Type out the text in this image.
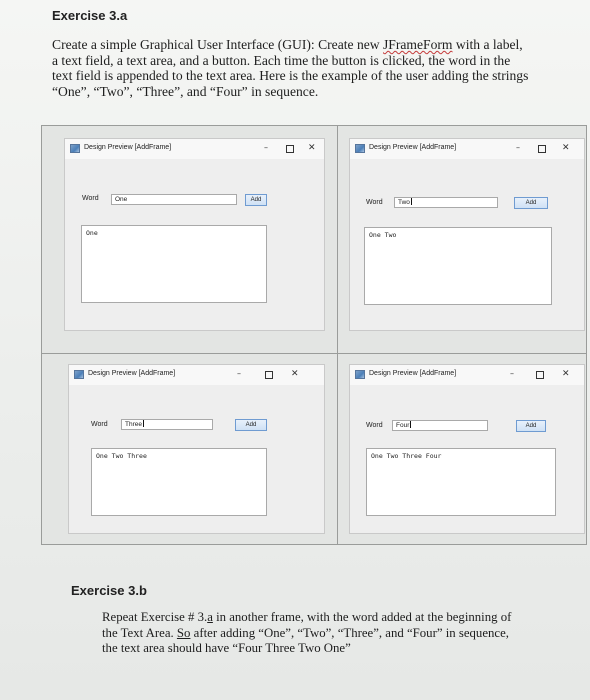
Exercise 3.a
Create a simple Graphical User Interface (GUI): Create new JFrameForm with a label,
a text field, a text area, and a button. Each time the button is clicked, the word in the
text field is appended to the text area. Here is the example of the user adding the strings
“One”, “Two”, “Three”, and “Four” in sequence.
Design Preview [AddFrame]	–	✕
Word	One	Add
One
Design Preview [AddFrame]	–	✕
Word	Two	Add
One Two
Design Preview [AddFrame]	–	✕
Word	Three	Add
One Two Three
Design Preview [AddFrame]	–	✕
Word	Four	Add
One Two Three Four
Exercise 3.b
Repeat Exercise # 3.a in another frame, with the word added at the beginning of
the Text Area. So after adding “One”, “Two”, “Three”, and “Four” in sequence,
the text area should have “Four Three Two One”
